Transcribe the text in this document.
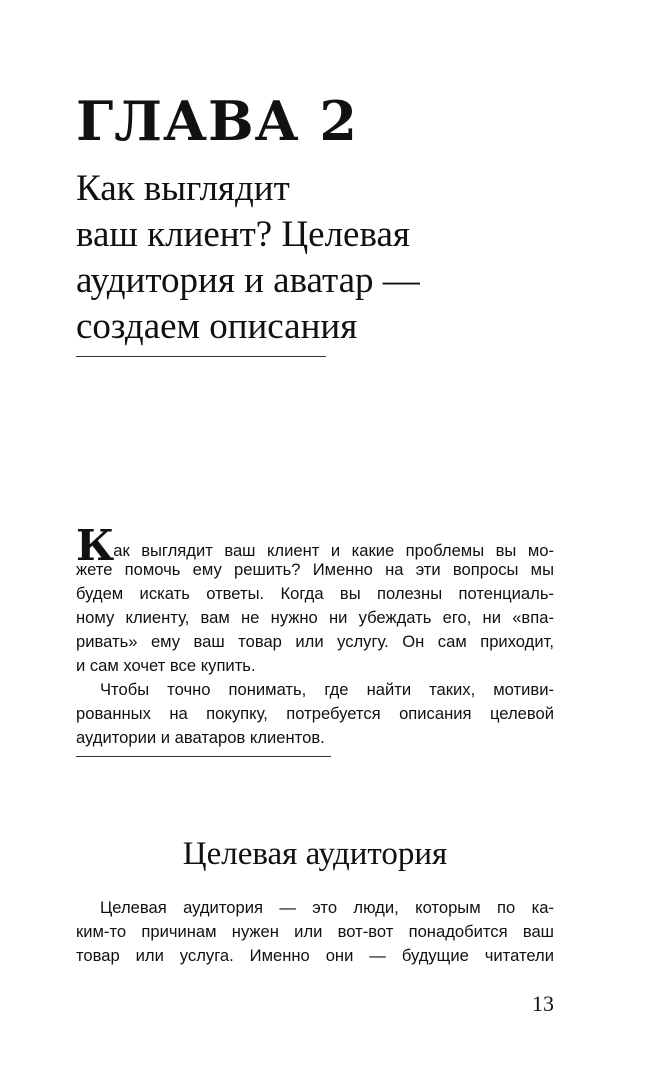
ГЛАВА 2
Как выглядит
ваш клиент? Целевая
аудитория и аватар —
создаем описания
Как выглядит ваш клиент и какие проблемы вы мо-
жете помочь ему решить? Именно на эти вопросы мы
будем искать ответы. Когда вы полезны потенциаль-
ному клиенту, вам не нужно ни убеждать его, ни «впа-
ривать» ему ваш товар или услугу. Он сам приходит,
и сам хочет все купить.
Чтобы точно понимать, где найти таких, мотиви-
рованных на покупку, потребуется описания целевой
аудитории и аватаров клиентов.
Целевая аудитория
Целевая аудитория — это люди, которым по ка-
ким-то причинам нужен или вот-вот понадобится ваш
товар или услуга. Именно они — будущие читатели
13
